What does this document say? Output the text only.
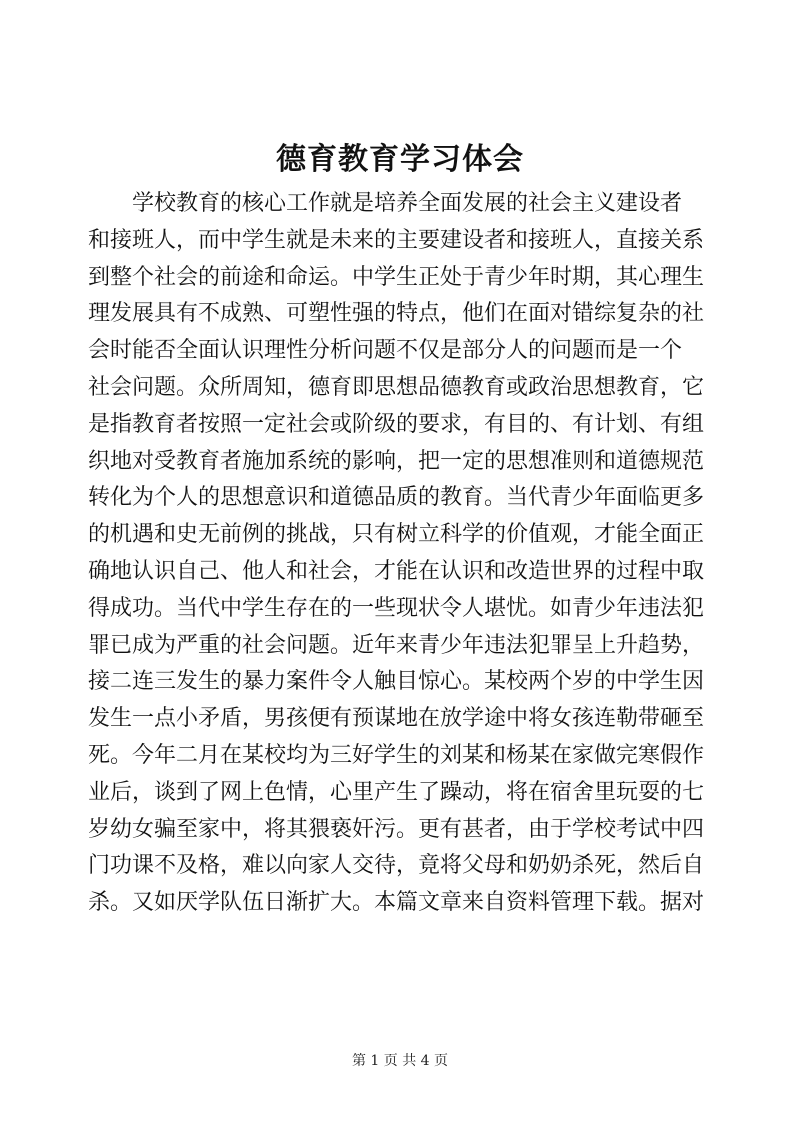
德育教育学习体会
学校教育的核心工作就是培养全面发展的社会主义建设者
和接班人，而中学生就是未来的主要建设者和接班人，直接关系
到整个社会的前途和命运。中学生正处于青少年时期，其心理生
理发展具有不成熟、可塑性强的特点，他们在面对错综复杂的社
会时能否全面认识理性分析问题不仅是部分人的问题而是一个
社会问题。众所周知，德育即思想品德教育或政治思想教育，它
是指教育者按照一定社会或阶级的要求，有目的、有计划、有组
织地对受教育者施加系统的影响，把一定的思想准则和道德规范
转化为个人的思想意识和道德品质的教育。当代青少年面临更多
的机遇和史无前例的挑战，只有树立科学的价值观，才能全面正
确地认识自己、他人和社会，才能在认识和改造世界的过程中取
得成功。当代中学生存在的一些现状令人堪忧。如青少年违法犯
罪已成为严重的社会问题。近年来青少年违法犯罪呈上升趋势，
接二连三发生的暴力案件令人触目惊心。某校两个岁的中学生因
发生一点小矛盾，男孩便有预谋地在放学途中将女孩连勒带砸至
死。今年二月在某校均为三好学生的刘某和杨某在家做完寒假作
业后，谈到了网上色情，心里产生了躁动，将在宿舍里玩耍的七
岁幼女骗至家中，将其猥亵奸污。更有甚者，由于学校考试中四
门功课不及格，难以向家人交待，竟将父母和奶奶杀死，然后自
杀。又如厌学队伍日渐扩大。本篇文章来自资料管理下载。据对
第 1 页 共 4 页
